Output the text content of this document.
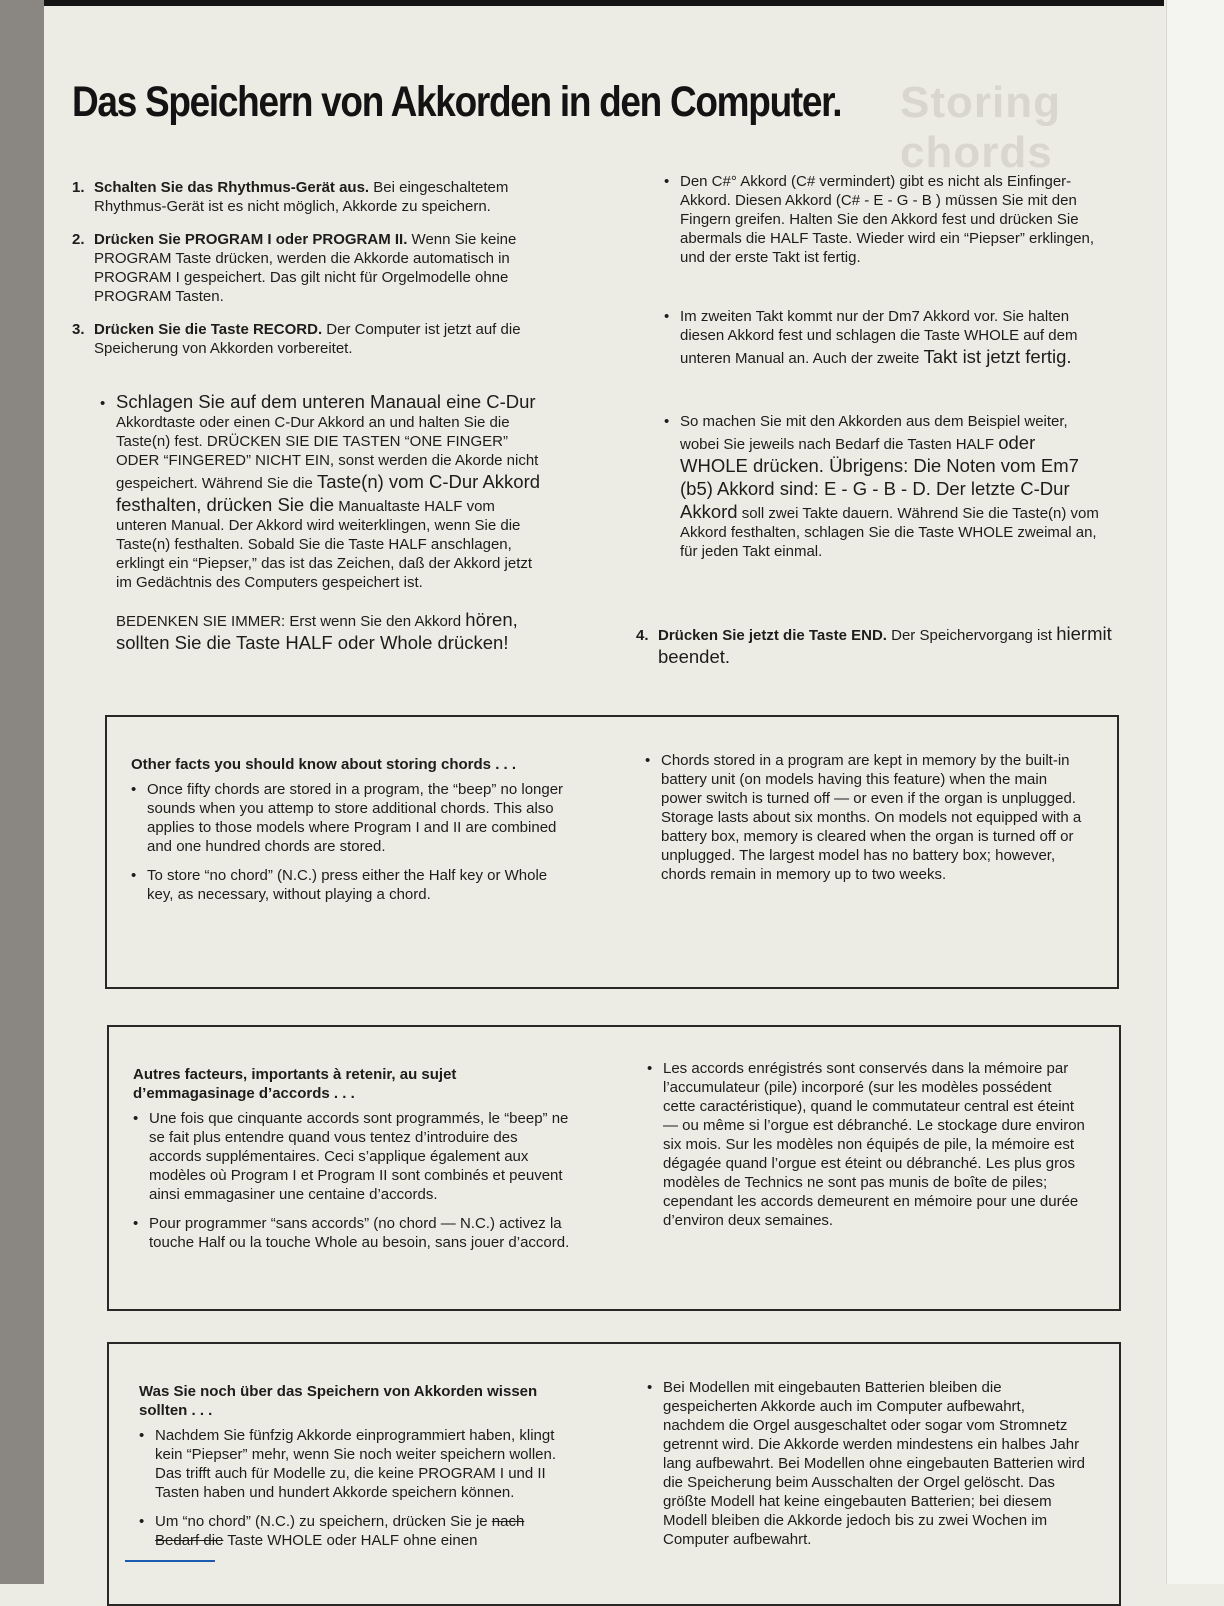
Storing chords
Das Speichern von Akkorden in den Computer.

1. Schalten Sie das Rhythmus-Gerät aus. Bei eingeschaltetem Rhythmus-Gerät ist es nicht möglich, Akkorde zu speichern.

2. Drücken Sie PROGRAM I oder PROGRAM II. Wenn Sie keine PROGRAM Taste drücken, werden die Akkorde automatisch in PROGRAM I gespeichert. Das gilt nicht für Orgelmodelle ohne PROGRAM Tasten.

3. Drücken Sie die Taste RECORD. Der Computer ist jetzt auf die Speicherung von Akkorden vorbereitet.

• Schlagen Sie auf dem unteren Manaual eine C-Dur Akkordtaste oder einen C-Dur Akkord an und halten Sie die Taste(n) fest. DRÜCKEN SIE DIE TASTEN “ONE FINGER” ODER “FINGERED” NICHT EIN, sonst werden die Akorde nicht gespeichert. Während Sie die Taste(n) vom C-Dur Akkord festhalten, drücken Sie die Manualtaste HALF vom unteren Manual. Der Akkord wird weiterklingen, wenn Sie die Taste(n) festhalten. Sobald Sie die Taste HALF anschlagen, erklingt ein “Piepser,” das ist das Zeichen, daß der Akkord jetzt im Gedächtnis des Computers gespeichert ist.

BEDENKEN SIE IMMER: Erst wenn Sie den Akkord hören, sollten Sie die Taste HALF oder Whole drücken!

• Den C#° Akkord (C# vermindert) gibt es nicht als Einfinger-Akkord. Diesen Akkord (C# - E - G - B ) müssen Sie mit den Fingern greifen. Halten Sie den Akkord fest und drücken Sie abermals die HALF Taste. Wieder wird ein “Piepser” erklingen, und der erste Takt ist fertig.

• Im zweiten Takt kommt nur der Dm7 Akkord vor. Sie halten diesen Akkord fest und schlagen die Taste WHOLE auf dem unteren Manual an. Auch der zweite Takt ist jetzt fertig.

• So machen Sie mit den Akkorden aus dem Beispiel weiter, wobei Sie jeweils nach Bedarf die Tasten HALF oder WHOLE drücken. Übrigens: Die Noten vom Em7 (b5) Akkord sind: E - G - B - D. Der letzte C-Dur Akkord soll zwei Takte dauern. Während Sie die Taste(n) vom Akkord festhalten, schlagen Sie die Taste WHOLE zweimal an, für jeden Takt einmal.

4. Drücken Sie jetzt die Taste END. Der Speichervorgang ist hiermit beendet.

Other facts you should know about storing chords . . .

• Once fifty chords are stored in a program, the “beep” no longer sounds when you attemp to store additional chords. This also applies to those models where Program I and II are combined and one hundred chords are stored.

• To store “no chord” (N.C.) press either the Half key or Whole key, as necessary, without playing a chord.

• Chords stored in a program are kept in memory by the built-in battery unit (on models having this feature) when the main power switch is turned off — or even if the organ is unplugged. Storage lasts about six months. On models not equipped with a battery box, memory is cleared when the organ is turned off or unplugged. The largest model has no battery box; however, chords remain in memory up to two weeks.

Autres facteurs, importants à retenir, au sujet d’emmagasinage d’accords . . .

• Une fois que cinquante accords sont programmés, le “beep” ne se fait plus entendre quand vous tentez d’introduire des accords supplémentaires. Ceci s’applique également aux modèles où Program I et Program II sont combinés et peuvent ainsi emmagasiner une centaine d’accords.

• Pour programmer “sans accords” (no chord — N.C.) activez la touche Half ou la touche Whole au besoin, sans jouer d’accord.

• Les accords enrégistrés sont conservés dans la mémoire par l’accumulateur (pile) incorporé (sur les modèles possédent cette caractéristique), quand le commutateur central est éteint — ou même si l’orgue est débranché. Le stockage dure environ six mois. Sur les modèles non équipés de pile, la mémoire est dégagée quand l’orgue est éteint ou débranché. Les plus gros modèles de Technics ne sont pas munis de boîte de piles; cependant les accords demeurent en mémoire pour une durée d’environ deux semaines.

Was Sie noch über das Speichern von Akkorden wissen sollten . . .

• Nachdem Sie fünfzig Akkorde einprogrammiert haben, klingt kein “Piepser” mehr, wenn Sie noch weiter speichern wollen. Das trifft auch für Modelle zu, die keine PROGRAM I und II Tasten haben und hundert Akkorde speichern können.

• Um “no chord” (N.C.) zu speichern, drücken Sie je nach Bedarf die Taste WHOLE oder HALF ohne einen

• Bei Modellen mit eingebauten Batterien bleiben die gespeicherten Akkorde auch im Computer aufbewahrt, nachdem die Orgel ausgeschaltet oder sogar vom Stromnetz getrennt wird. Die Akkorde werden mindestens ein halbes Jahr lang aufbewahrt. Bei Modellen ohne eingebauten Batterien wird die Speicherung beim Ausschalten der Orgel gelöscht. Das größte Modell hat keine eingebauten Batterien; bei diesem Modell bleiben die Akkorde jedoch bis zu zwei Wochen im Computer aufbewahrt.
